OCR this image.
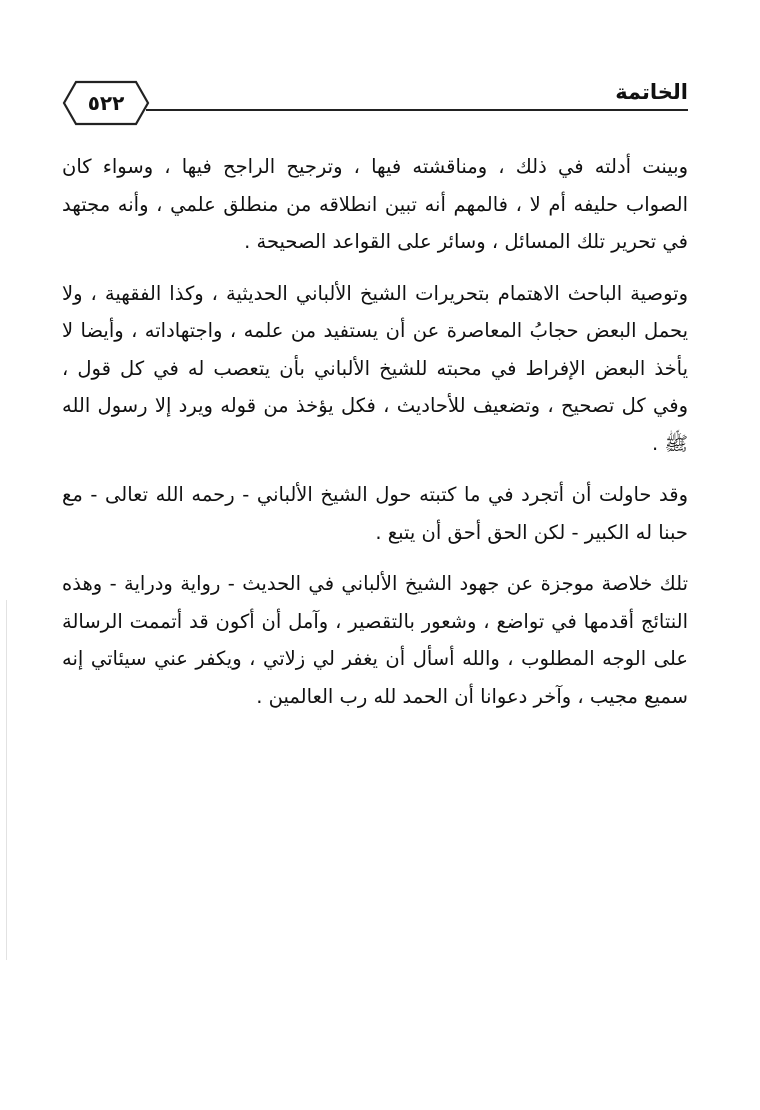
الخاتمة
٥٢٢

وبينت أدلته في ذلك ، ومناقشته فيها ، وترجيح الراجح فيها ، وسواء كان الصواب حليفه أم لا ، فالمهم أنه تبين انطلاقه من منطلق علمي ، وأنه مجتهد في تحرير تلك المسائل ، وسائر على القواعد الصحيحة .

وتوصية الباحث الاهتمام بتحريرات الشيخ الألباني الحديثية ، وكذا الفقهية ، ولا يحمل البعض حجابُ المعاصرة عن أن يستفيد من علمه ، واجتهاداته ، وأيضا لا يأخذ البعض الإفراط في محبته للشيخ الألباني بأن يتعصب له في كل قول ، وفي كل تصحيح ، وتضعيف للأحاديث ، فكل يؤخذ من قوله ويرد إلا رسول الله ﷺ .

وقد حاولت أن أتجرد في ما كتبته حول الشيخ الألباني - رحمه الله تعالى - مع حبنا له الكبير - لكن الحق أحق أن يتبع .

تلك خلاصة موجزة عن جهود الشيخ الألباني في الحديث - رواية ودراية - وهذه النتائج أقدمها في تواضع ، وشعور بالتقصير ، وآمل أن أكون قد أتممت الرسالة على الوجه المطلوب ، والله أسأل أن يغفر لي زلاتي ، ويكفر عني سيئاتي إنه سميع مجيب ، وآخر دعوانا أن الحمد لله رب العالمين .
